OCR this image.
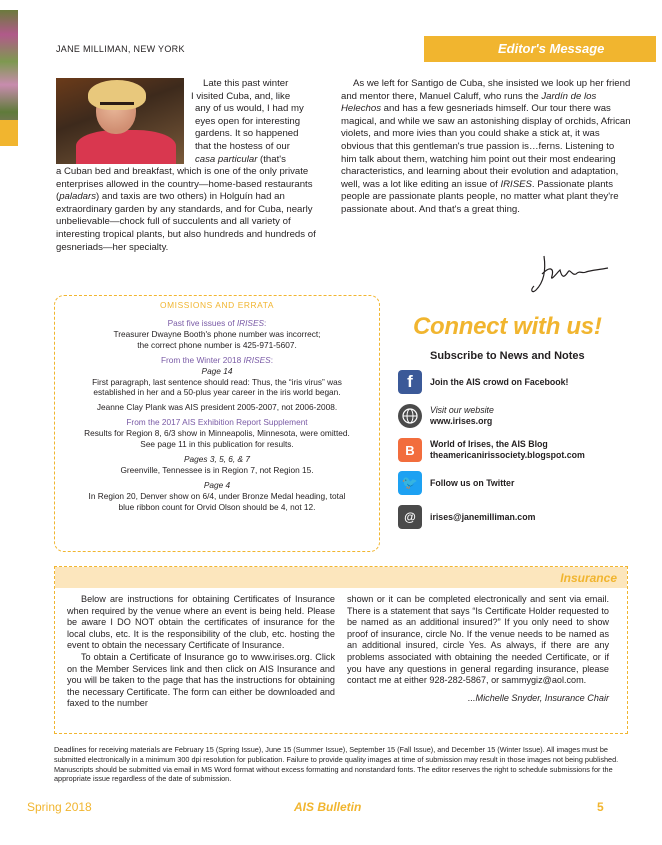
JANE MILLIMAN, NEW YORK	Editor's Message
Late this past winter
I visited Cuba, and, like
any of us would, I had my
eyes open for interesting
gardens. It so happened
that the hostess of our
casa particular (that's
a Cuban bed and breakfast, which is one of the only private enterprises allowed in the country—home-based restaurants (paladars) and taxis are two others) in Holguín had an extraordinary garden by any standards, and for Cuba, nearly unbelievable—chock full of succulents and all variety of interesting tropical plants, but also hundreds and hundreds of gesneriads—her specialty.
As we left for Santigo de Cuba, she insisted we look up her friend and mentor there, Manuel Caluff, who runs the Jardín de los Helechos and has a few gesneriads himself. Our tour there was magical, and while we saw an astonishing display of orchids, African violets, and more ivies than you could shake a stick at, it was obvious that this gentleman's true passion is…ferns. Listening to him talk about them, watching him point out their most endearing characteristics, and learning about their evolution and adaptation, well, was a lot like editing an issue of IRISES. Passionate plants people are passionate plants people, no matter what plant they're passionate about. And that's a great thing.
OMISSIONS AND ERRATA
Past five issues of IRISES:
Treasurer Dwayne Booth's phone number was incorrect;
the correct phone number is 425-971-5607.
From the Winter 2018 IRISES:
Page 14
First paragraph, last sentence should read: Thus, the “iris virus” was
established in her and a 50-plus year career in the iris world began.
Jeanne Clay Plank was AIS president 2005-2007, not 2006-2008.
From the 2017 AIS Exhibition Report Supplement
Results for Region 8, 6/3 show in Minneapolis, Minnesota, were omitted.
See page 11 in this publication for results.
Pages 3, 5, 6, & 7
Greenville, Tennessee is in Region 7, not Region 15.
Page 4
In Region 20, Denver show on 6/4, under Bronze Medal heading, total
blue ribbon count for Orvid Olson should be 4, not 12.
Connect with us!
Subscribe to News and Notes
f	Join the AIS crowd on Facebook!
Visit our website
www.irises.org
B	World of Irises, the AIS Blog
theamericanirissociety.blogspot.com
🐦	Follow us on Twitter
@	irises@janemilliman.com
Insurance

Below are instructions for obtaining Certificates of Insurance when required by the venue where an event is being held. Please be aware I DO NOT obtain the certificates of insurance for the local clubs, etc. It is the responsibility of the club, etc. hosting the event to obtain the necessary Certificate of Insurance.

To obtain a Certificate of Insurance go to www.irises.org. Click on the Member Services link and then click on AIS Insurance and you will be taken to the page that has the instructions for obtaining the necessary Certificate. The form can either be downloaded and faxed to the number

shown or it can be completed electronically and sent via email. There is a statement that says “Is Certificate Holder requested to be named as an additional insured?” If you only need to show proof of insurance, circle No. If the venue needs to be named as an additional insured, circle Yes. As always, if there are any problems associated with obtaining the needed Certificate, or if you have any questions in general regarding insurance, please contact me at either 928-282-5867, or sammygiz@aol.com.

...Michelle Snyder, Insurance Chair

Deadlines for receiving materials are February 15 (Spring Issue), June 15 (Summer Issue), September 15 (Fall Issue), and December 15 (Winter Issue). All images must be submitted electronically in a minimum 300 dpi resolution for publication. Failure to provide quality images at time of submission may result in those images not being published. Manuscripts should be submitted via email in MS Word format without excess formatting and nonstandard fonts. The editor reserves the right to schedule submissions for the appropriate issue regardless of the date of submission.
Spring 2018	AIS Bulletin	5
